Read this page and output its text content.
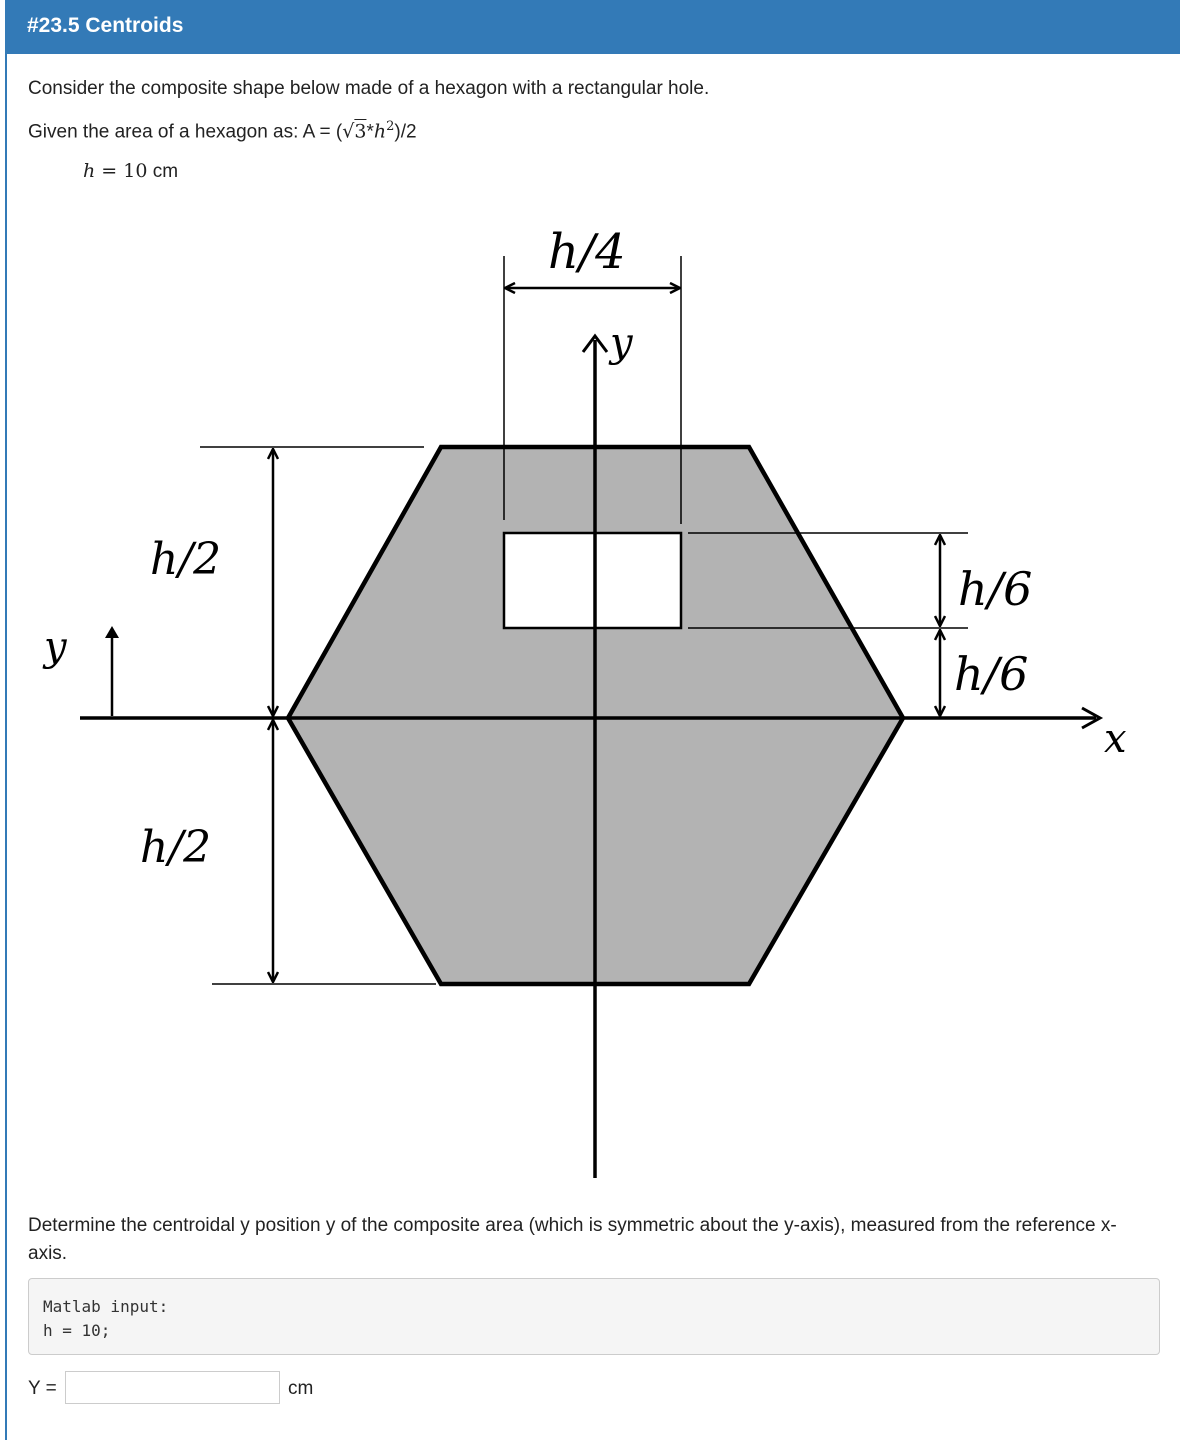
#23.5 Centroids
Consider the composite shape below made of a hexagon with a rectangular hole.
Given the area of a hexagon as: $A = (√3*h^2)/2$
h = 10 cm
h/4
h/2
h/2
h/6
h/6
y
x
y
Determine the centroidal y position y of the composite area (which is symmetric about the y-axis), measured from the reference x-axis.
Matlab input:
h = 10;
Y =	cm
